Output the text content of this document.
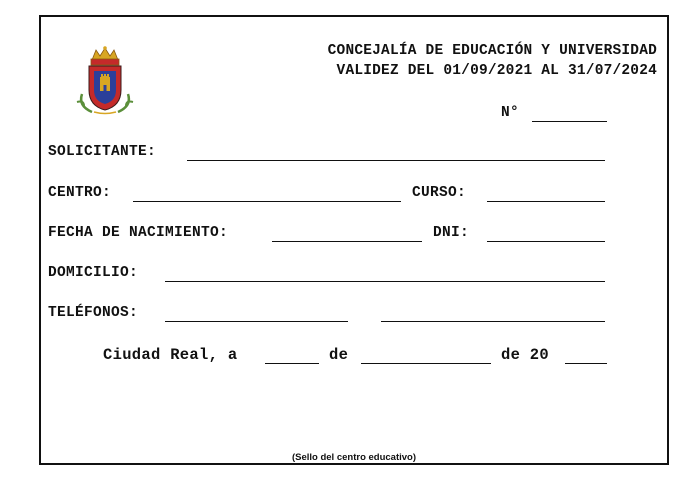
CONCEJALÍA DE EDUCACIÓN Y UNIVERSIDAD
VALIDEZ DEL 01/09/2021 AL 31/07/2024
N°
SOLICITANTE:
CENTRO:	CURSO:
FECHA DE NACIMIENTO:	DNI:
DOMICILIO:
TELÉFONOS:
Ciudad Real, a	de	de 20
(Sello del centro educativo)
